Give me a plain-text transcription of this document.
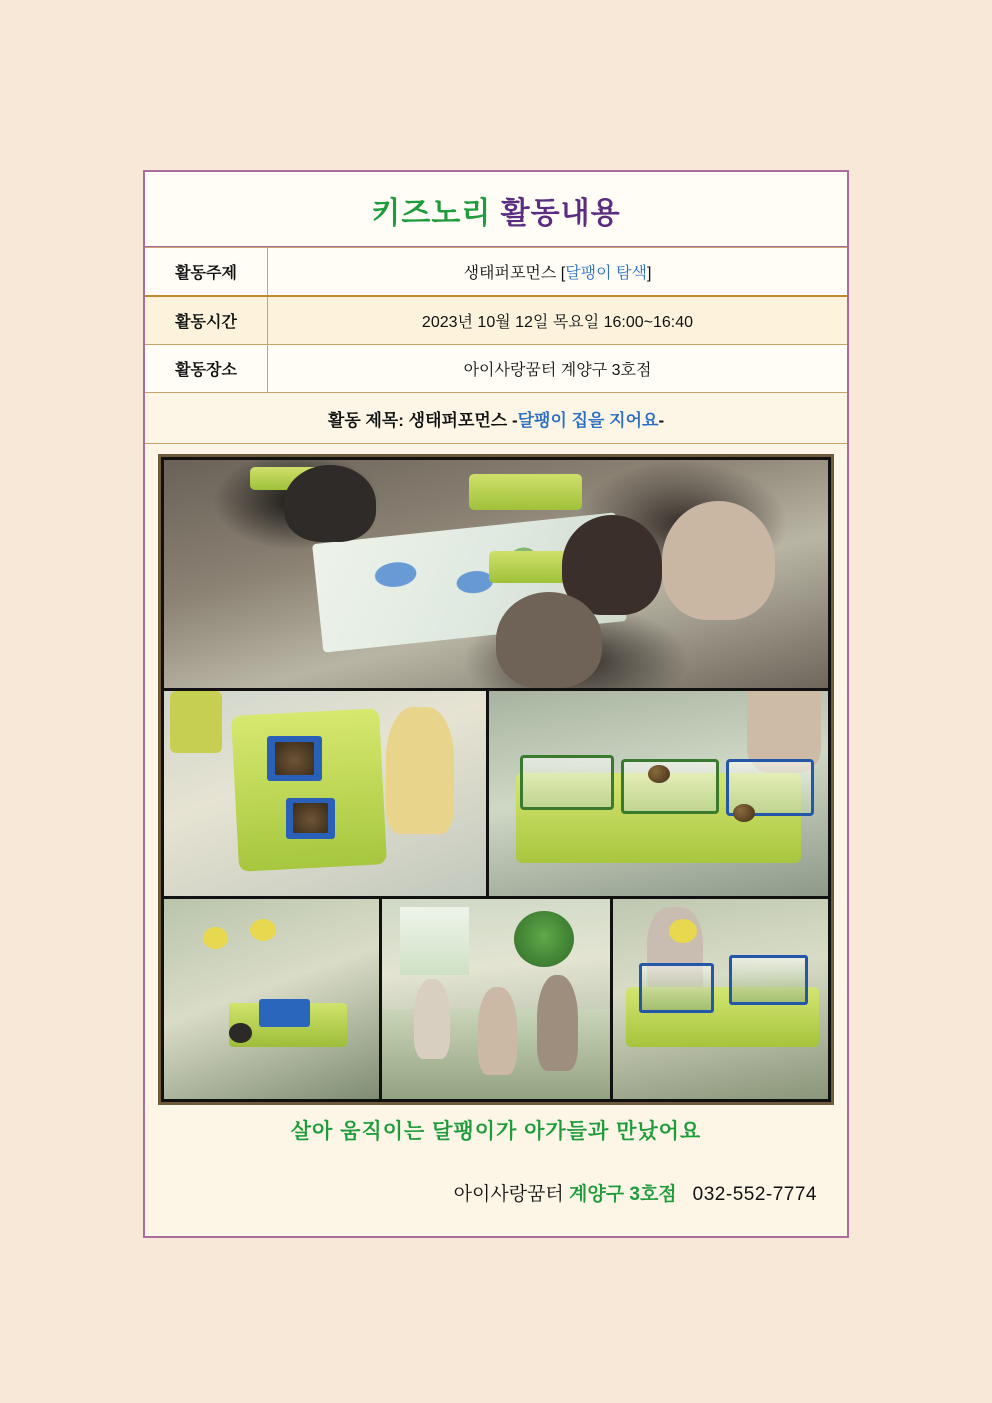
키즈노리 활동내용
활동주제	생태퍼포먼스 [달팽이 탐색]
활동시간	2023년 10월 12일 목요일 16:00~16:40
활동장소	아이사랑꿈터 계양구 3호점
활동 제목: 생태퍼포먼스 -달팽이 집을 지어요-
살아 움직이는 달팽이가 아가들과 만났어요
아이사랑꿈터 계양구 3호점 032-552-7774
